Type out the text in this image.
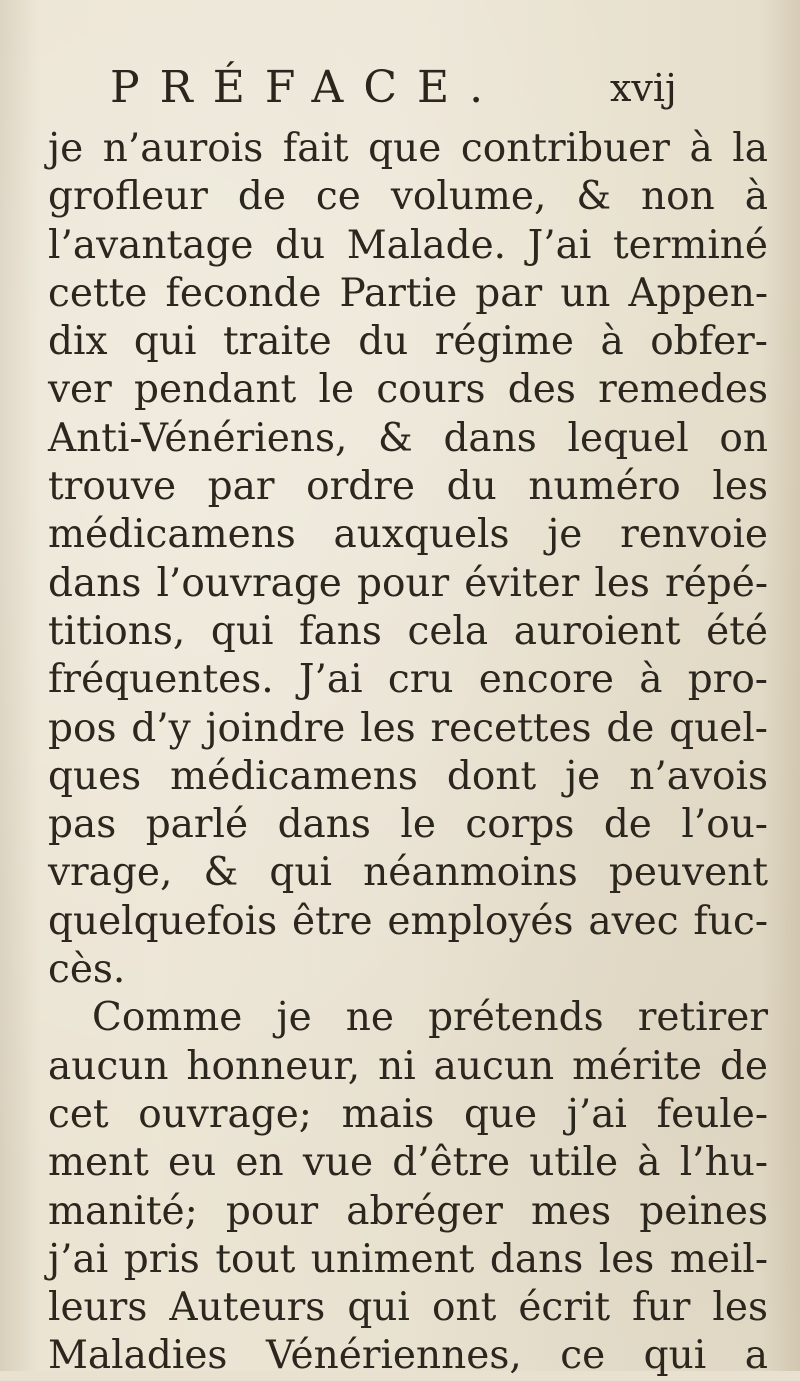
PRÉFACE.	xvij
je n’aurois fait que contribuer à la
grofleur de ce volume, & non à
l’avantage du Malade. J’ai terminé
cette feconde Partie par un Appen-
dix qui traite du régime à obfer-
ver pendant le cours des remedes
Anti-Vénériens, & dans lequel on
trouve par ordre du numéro les
médicamens auxquels je renvoie
dans l’ouvrage pour éviter les répé-
titions, qui fans cela auroient été
fréquentes. J’ai cru encore à pro-
pos d’y joindre les recettes de quel-
ques médicamens dont je n’avois
pas parlé dans le corps de l’ou-
vrage, & qui néanmoins peuvent
quelquefois être employés avec fuc-
cès.
Comme je ne prétends retirer
aucun honneur, ni aucun mérite de
cet ouvrage; mais que j’ai feule-
ment eu en vue d’être utile à l’hu-
manité; pour abréger mes peines
j’ai pris tout uniment dans les meil-
leurs Auteurs qui ont écrit fur les
Maladies Vénériennes, ce qui a
